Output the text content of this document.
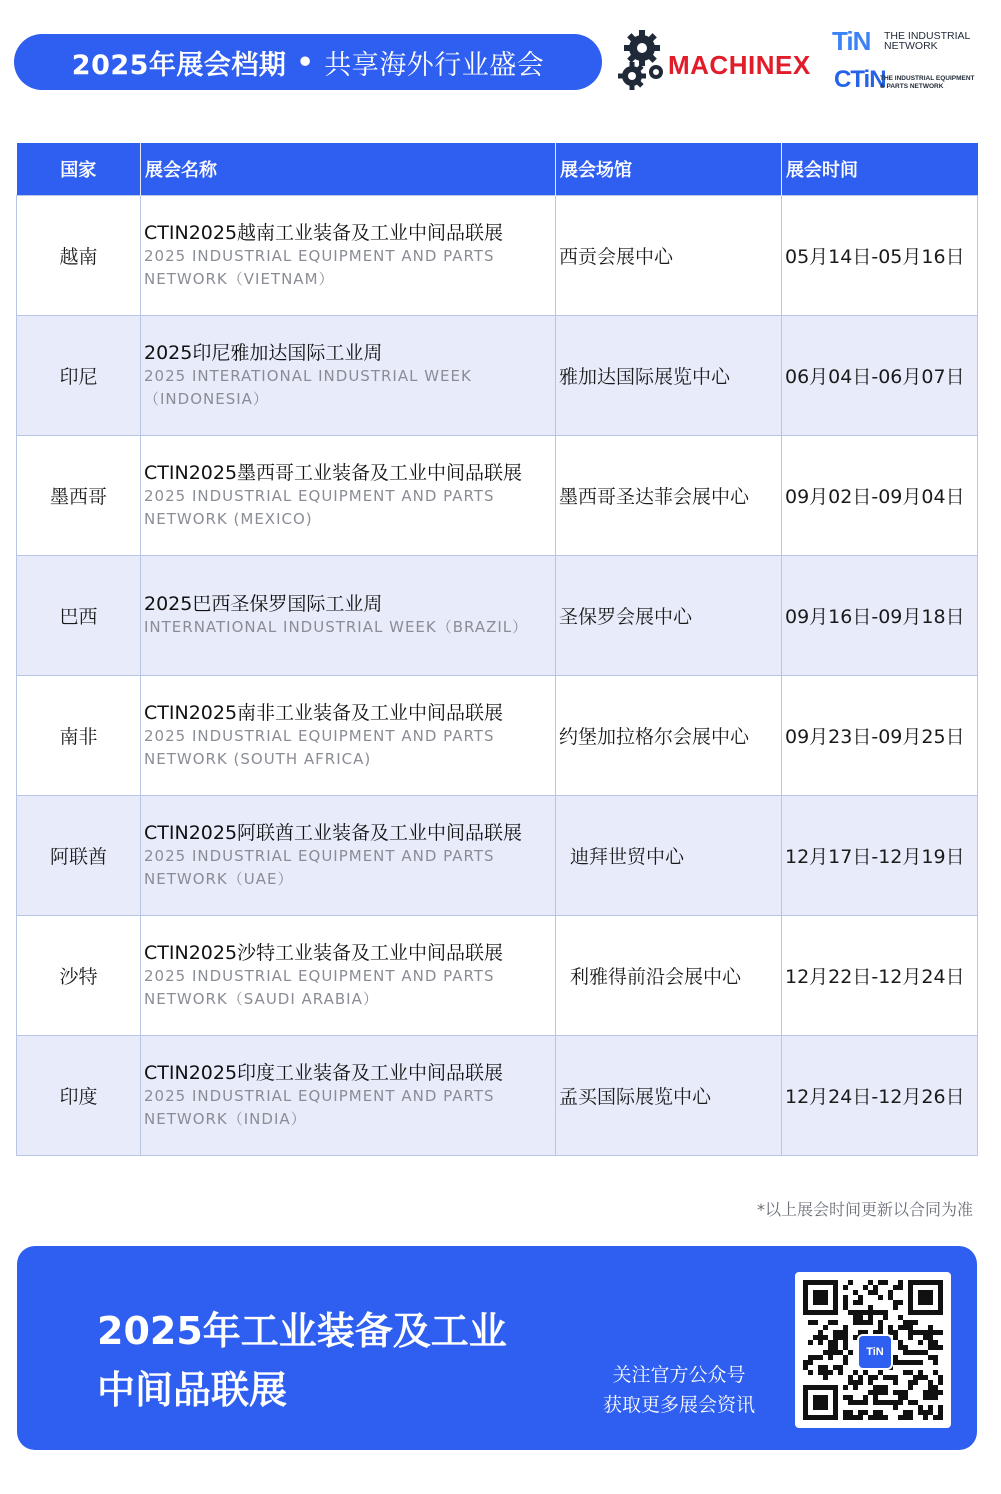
2025年展会档期 • 共享海外行业盛会	MACHINEX
TiN THE INDUSTRIAL
NETWORK
CTiN
THE INDUSTRIAL EQUIPMENT
& PARTS NETWORK
国家	展会名称	展会场馆	展会时间
越南	CTIN2025越南工业装备及工业中间品联展
2025 INDUSTRIAL EQUIPMENT AND PARTS NETWORK（VIETNAM）	西贡会展中心	05月14日-05月16日
印尼	2025印尼雅加达国际工业周
2025 INTERATIONAL INDUSTRIAL WEEK （INDONESIA）	雅加达国际展览中心	06月04日-06月07日
墨西哥	CTIN2025墨西哥工业装备及工业中间品联展
2025 INDUSTRIAL EQUIPMENT AND PARTS NETWORK (MEXICO)	墨西哥圣达菲会展中心	09月02日-09月04日
巴西	2025巴西圣保罗国际工业周
INTERNATIONAL INDUSTRIAL WEEK（BRAZIL）	圣保罗会展中心	09月16日-09月18日
南非	CTIN2025南非工业装备及工业中间品联展
2025 INDUSTRIAL EQUIPMENT AND PARTS NETWORK (SOUTH AFRICA)	约堡加拉格尔会展中心	09月23日-09月25日
阿联酋	CTIN2025阿联酋工业装备及工业中间品联展
2025 INDUSTRIAL EQUIPMENT AND PARTS NETWORK（UAE）	迪拜世贸中心	12月17日-12月19日
沙特	CTIN2025沙特工业装备及工业中间品联展
2025 INDUSTRIAL EQUIPMENT AND PARTS NETWORK（SAUDI ARABIA）	利雅得前沿会展中心	12月22日-12月24日
印度	CTIN2025印度工业装备及工业中间品联展
2025 INDUSTRIAL EQUIPMENT AND PARTS NETWORK（INDIA）	孟买国际展览中心	12月24日-12月26日
*以上展会时间更新以合同为准
2025年工业装备及工业
中间品联展	关注官方公众号
获取更多展会资讯
TiN
